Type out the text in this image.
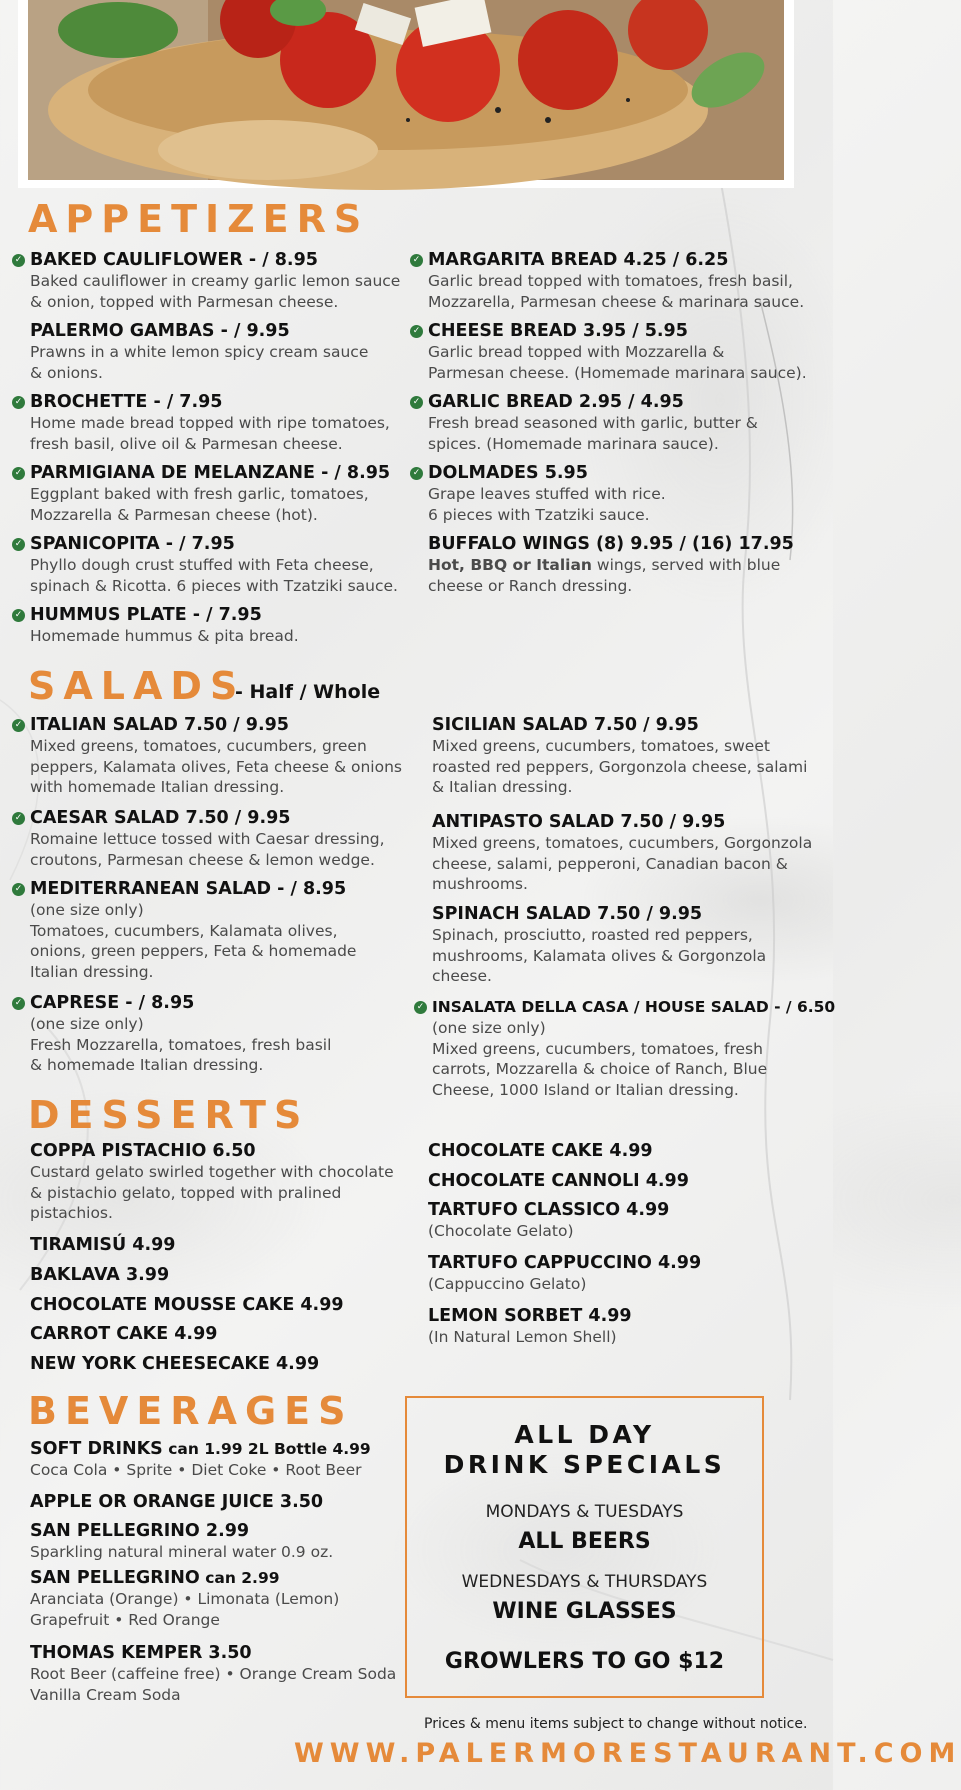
APPETIZERS
✓ BAKED CAULIFLOWER - / 8.95
Baked cauliflower in creamy garlic lemon sauce
& onion, topped with Parmesan cheese.
PALERMO GAMBAS - / 9.95
Prawns in a white lemon spicy cream sauce
& onions.
✓ BROCHETTE - / 7.95
Home made bread topped with ripe tomatoes,
fresh basil, olive oil & Parmesan cheese.
✓ PARMIGIANA DE MELANZANE - / 8.95
Eggplant baked with fresh garlic, tomatoes,
Mozzarella & Parmesan cheese (hot).
✓ SPANICOPITA - / 7.95
Phyllo dough crust stuffed with Feta cheese,
spinach & Ricotta. 6 pieces with Tzatziki sauce.
✓ HUMMUS PLATE - / 7.95
Homemade hummus & pita bread.
✓ MARGARITA BREAD 4.25 / 6.25
Garlic bread topped with tomatoes, fresh basil,
Mozzarella, Parmesan cheese & marinara sauce.
✓ CHEESE BREAD 3.95 / 5.95
Garlic bread topped with Mozzarella &
Parmesan cheese. (Homemade marinara sauce).
✓ GARLIC BREAD 2.95 / 4.95
Fresh bread seasoned with garlic, butter &
spices. (Homemade marinara sauce).
✓ DOLMADES 5.95
Grape leaves stuffed with rice.
6 pieces with Tzatziki sauce.
BUFFALO WINGS (8) 9.95 / (16) 17.95
Hot, BBQ or Italian wings, served with blue
cheese or Ranch dressing.
SALADS
- Half / Whole
✓ ITALIAN SALAD 7.50 / 9.95
Mixed greens, tomatoes, cucumbers, green
peppers, Kalamata olives, Feta cheese & onions
with homemade Italian dressing.
✓ CAESAR SALAD 7.50 / 9.95
Romaine lettuce tossed with Caesar dressing,
croutons, Parmesan cheese & lemon wedge.
✓ MEDITERRANEAN SALAD - / 8.95
(one size only)
Tomatoes, cucumbers, Kalamata olives,
onions, green peppers, Feta & homemade
Italian dressing.
✓ CAPRESE - / 8.95
(one size only)
Fresh Mozzarella, tomatoes, fresh basil
& homemade Italian dressing.
SICILIAN SALAD 7.50 / 9.95
Mixed greens, cucumbers, tomatoes, sweet
roasted red peppers, Gorgonzola cheese, salami
& Italian dressing.
ANTIPASTO SALAD 7.50 / 9.95
Mixed greens, tomatoes, cucumbers, Gorgonzola
cheese, salami, pepperoni, Canadian bacon &
mushrooms.
SPINACH SALAD 7.50 / 9.95
Spinach, prosciutto, roasted red peppers,
mushrooms, Kalamata olives & Gorgonzola
cheese.
✓ INSALATA DELLA CASA / HOUSE SALAD - / 6.50
(one size only)
Mixed greens, cucumbers, tomatoes, fresh
carrots, Mozzarella & choice of Ranch, Blue
Cheese, 1000 Island or Italian dressing.
DESSERTS
COPPA PISTACHIO 6.50
Custard gelato swirled together with chocolate
& pistachio gelato, topped with pralined
pistachios.
TIRAMISÚ 4.99
BAKLAVA 3.99
CHOCOLATE MOUSSE CAKE 4.99
CARROT CAKE 4.99
NEW YORK CHEESECAKE 4.99
CHOCOLATE CAKE 4.99
CHOCOLATE CANNOLI 4.99
TARTUFO CLASSICO 4.99
(Chocolate Gelato)
TARTUFO CAPPUCCINO 4.99
(Cappuccino Gelato)
LEMON SORBET 4.99
(In Natural Lemon Shell)
BEVERAGES
SOFT DRINKS can 1.99 2L Bottle 4.99
Coca Cola • Sprite • Diet Coke • Root Beer
APPLE OR ORANGE JUICE 3.50
SAN PELLEGRINO 2.99
Sparkling natural mineral water 0.9 oz.
SAN PELLEGRINO can 2.99
Aranciata (Orange) • Limonata (Lemon)
Grapefruit • Red Orange
THOMAS KEMPER 3.50
Root Beer (caffeine free) • Orange Cream Soda
Vanilla Cream Soda
ALL DAY
DRINK SPECIALS
MONDAYS & TUESDAYS
ALL BEERS
WEDNESDAYS & THURSDAYS
WINE GLASSES
GROWLERS TO GO $12
Prices & menu items subject to change without notice.
WWW.PALERMORESTAURANT.COM
